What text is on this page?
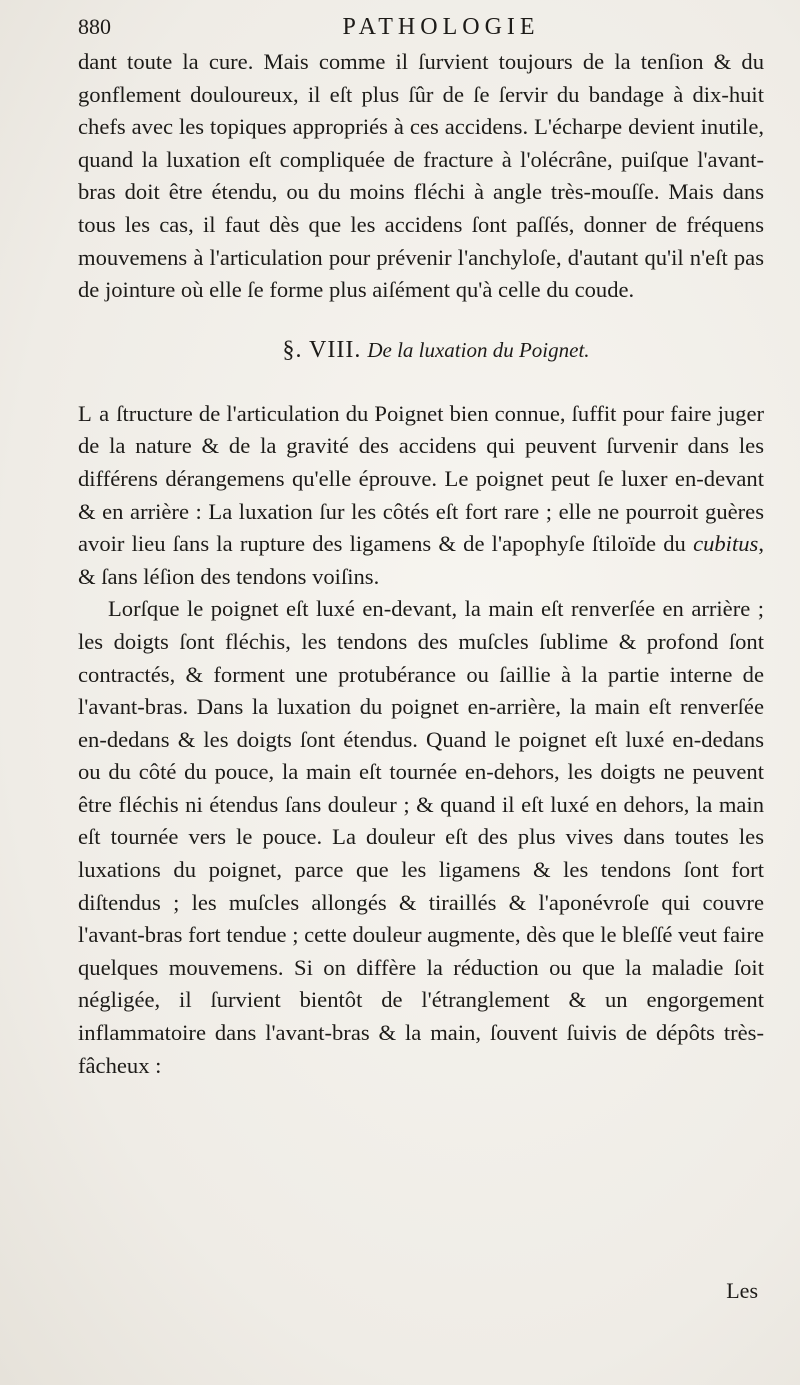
880	PATHOLOGIE

dant toute la cure. Mais comme il ſurvient toujours de la tenſion & du gonflement douloureux, il eſt plus ſûr de ſe ſervir du bandage à dix-huit chefs avec les topiques appropriés à ces accidens. L'écharpe devient inutile, quand la luxation eſt compliquée de fracture à l'olécrâne, puiſque l'avant-bras doit être étendu, ou du moins fléchi à angle très-mouſſe. Mais dans tous les cas, il faut dès que les accidens ſont paſſés, donner de fréquens mouvemens à l'articulation pour prévenir l'anchyloſe, d'autant qu'il n'eſt pas de jointure où elle ſe forme plus aiſément qu'à celle du coude.

§. VIII. De la luxation du Poignet.

L a ſtructure de l'articulation du Poignet bien connue, ſuffit pour faire juger de la nature & de la gravité des accidens qui peuvent ſurvenir dans les différens dérangemens qu'elle éprouve. Le poignet peut ſe luxer en-devant & en arrière : La luxation ſur les côtés eſt fort rare ; elle ne pourroit guères avoir lieu ſans la rupture des ligamens & de l'apophyſe ſtiloïde du cubitus, & ſans léſion des tendons voiſins.

Lorſque le poignet eſt luxé en-devant, la main eſt renverſée en arrière ; les doigts ſont fléchis, les tendons des muſcles ſublime & profond ſont contractés, & forment une protubérance ou ſaillie à la partie interne de l'avant-bras. Dans la luxation du poignet en-arrière, la main eſt renverſée en-dedans & les doigts ſont étendus. Quand le poignet eſt luxé en-dedans ou du côté du pouce, la main eſt tournée en-dehors, les doigts ne peuvent être fléchis ni étendus ſans douleur ; & quand il eſt luxé en dehors, la main eſt tournée vers le pouce. La douleur eſt des plus vives dans toutes les luxations du poignet, parce que les ligamens & les tendons ſont fort diſtendus ; les muſcles allongés & tiraillés & l'aponévroſe qui couvre l'avant-bras fort tendue ; cette douleur augmente, dès que le bleſſé veut faire quelques mouvemens. Si on diffère la réduction ou que la maladie ſoit négligée, il ſurvient bientôt de l'étranglement & un engorgement inflammatoire dans l'avant-bras & la main, ſouvent ſuivis de dépôts très-fâcheux :

Les
